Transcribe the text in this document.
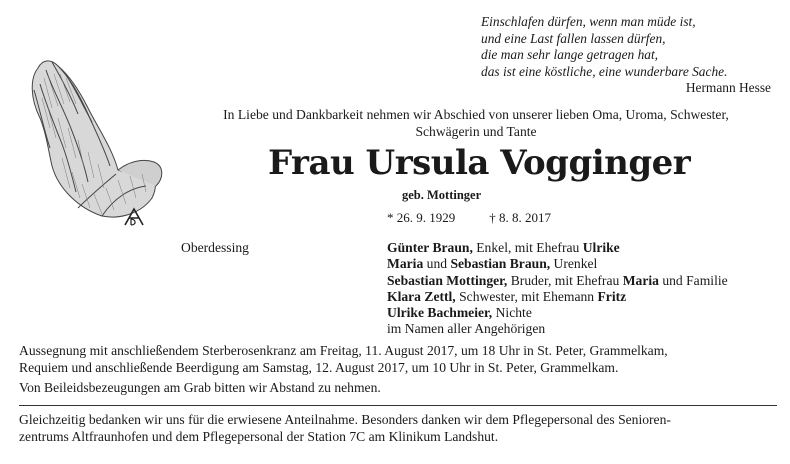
Einschlafen dürfen, wenn man müde ist,
und eine Last fallen lassen dürfen,
die man sehr lange getragen hat,
das ist eine köstliche, eine wunderbare Sache.
Hermann Hesse
In Liebe und Dankbarkeit nehmen wir Abschied von unserer lieben Oma, Uroma, Schwester,
Schwägerin und Tante
Frau Ursula Vogginger
geb. Mottinger
* 26. 9. 1929	† 8. 8. 2017
Oberdessing	Günter Braun, Enkel, mit Ehefrau Ulrike
Maria und Sebastian Braun, Urenkel
Sebastian Mottinger, Bruder, mit Ehefrau Maria und Familie
Klara Zettl, Schwester, mit Ehemann Fritz
Ulrike Bachmeier, Nichte
im Namen aller Angehörigen

Aussegnung mit anschließendem Sterberosenkranz am Freitag, 11. August 2017, um 18 Uhr in St. Peter, Grammelkam,

Requiem und anschließende Beerdigung am Samstag, 12. August 2017, um 10 Uhr in St. Peter, Grammelkam.

Von Beileidsbezeugungen am Grab bitten wir Abstand zu nehmen.

Gleichzeitig bedanken wir uns für die erwiesene Anteilnahme. Besonders danken wir dem Pflegepersonal des Senioren-
zentrums Altfraunhofen und dem Pflegepersonal der Station 7C am Klinikum Landshut.
